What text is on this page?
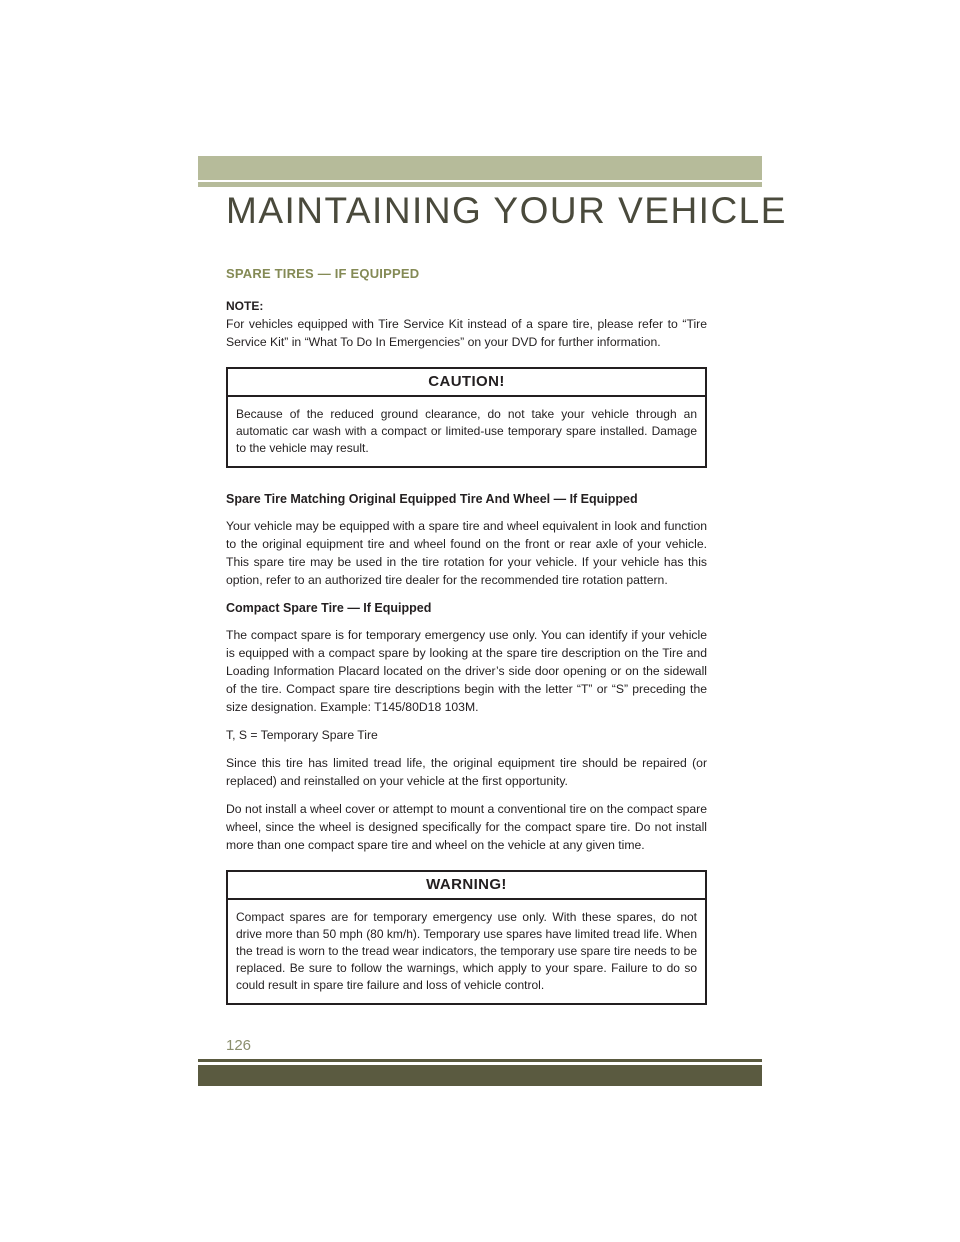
MAINTAINING YOUR VEHICLE
SPARE TIRES — IF EQUIPPED
NOTE:

For vehicles equipped with Tire Service Kit instead of a spare tire, please refer to “Tire Service Kit” in “What To Do In Emergencies” on your DVD for further information.

CAUTION!

Because of the reduced ground clearance, do not take your vehicle through an automatic car wash with a compact or limited-use temporary spare installed. Damage to the vehicle may result.

Spare Tire Matching Original Equipped Tire And Wheel — If Equipped

Your vehicle may be equipped with a spare tire and wheel equivalent in look and function to the original equipment tire and wheel found on the front or rear axle of your vehicle. This spare tire may be used in the tire rotation for your vehicle. If your vehicle has this option, refer to an authorized tire dealer for the recommended tire rotation pattern.

Compact Spare Tire — If Equipped

The compact spare is for temporary emergency use only. You can identify if your vehicle is equipped with a compact spare by looking at the spare tire description on the Tire and Loading Information Placard located on the driver’s side door opening or on the sidewall of the tire. Compact spare tire descriptions begin with the letter “T” or “S” preceding the size designation. Example: T145/80D18 103M.

T, S = Temporary Spare Tire

Since this tire has limited tread life, the original equipment tire should be repaired (or replaced) and reinstalled on your vehicle at the first opportunity.

Do not install a wheel cover or attempt to mount a conventional tire on the compact spare wheel, since the wheel is designed specifically for the compact spare tire. Do not install more than one compact spare tire and wheel on the vehicle at any given time.

WARNING!

Compact spares are for temporary emergency use only. With these spares, do not drive more than 50 mph (80 km/h). Temporary use spares have limited tread life. When the tread is worn to the tread wear indicators, the temporary use spare tire needs to be replaced. Be sure to follow the warnings, which apply to your spare. Failure to do so could result in spare tire failure and loss of vehicle control.

126
